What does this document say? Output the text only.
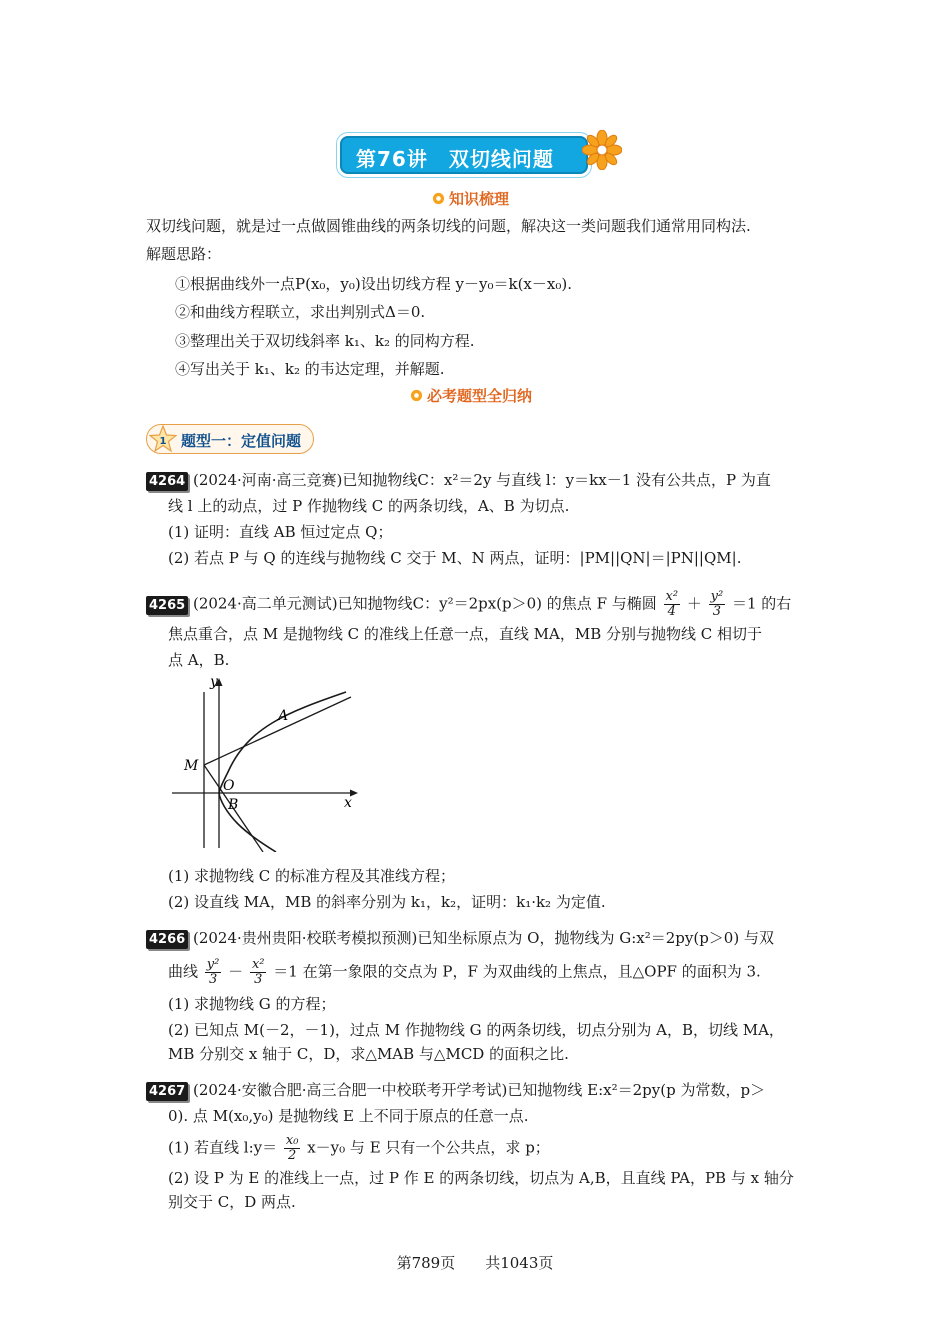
第76讲　双切线问题
知识梳理
双切线问题，就是过一点做圆锥曲线的两条切线的问题，解决这一类问题我们通常用同构法.
解题思路：
①根据曲线外一点P(x₀，y₀)设出切线方程 y－y₀＝k(x－x₀).
②和曲线方程联立，求出判别式Δ＝0.
③整理出关于双切线斜率 k₁、k₂ 的同构方程.
④写出关于 k₁、k₂ 的韦达定理，并解题.
必考题型全归纳
1 题型一：定值问题
4264 (2024·河南·高三竞赛)已知抛物线C：x²＝2y 与直线 l：y＝kx－1 没有公共点，P 为直
线 l 上的动点，过 P 作抛物线 C 的两条切线，A、B 为切点.
(1) 证明：直线 AB 恒过定点 Q；
(2) 若点 P 与 Q 的连线与抛物线 C 交于 M、N 两点，证明：|PM||QN|＝|PN||QM|.
4265 (2024·高二单元测试)已知抛物线C：y²＝2px(p＞0) 的焦点 F 与椭圆 $\frac{\text{x²}}{4} + \frac{\text{y²}}{3} =1$ 的右
焦点重合，点 M 是抛物线 C 的准线上任意一点，直线 MA，MB 分别与抛物线 C 相切于
点 A，B.
y
x
A
M
O
B
(1) 求抛物线 C 的标准方程及其准线方程；
(2) 设直线 MA，MB 的斜率分别为 k₁，k₂，证明：k₁·k₂ 为定值.
4266 (2024·贵州贵阳·校联考模拟预测)已知坐标原点为 O，抛物线为 G:x²＝2py(p＞0) 与双
曲线 $\frac{\text{y²}}{3} - \frac{\text{x²}}{3} =1$ 在第一象限的交点为 P，F 为双曲线的上焦点，且△OPF 的面积为 3.
(1) 求抛物线 G 的方程；
(2) 已知点 M(－2，－1)，过点 M 作抛物线 G 的两条切线，切点分别为 A，B，切线 MA，
MB 分别交 x 轴于 C，D，求△MAB 与△MCD 的面积之比.
4267 (2024·安徽合肥·高三合肥一中校联考开学考试)已知抛物线 E:x²＝2py(p 为常数，p＞
0). 点 M(x₀,y₀) 是抛物线 E 上不同于原点的任意一点.
(1) 若直线 l:y＝ $\frac{\text{x₀}}{2} x-y_0$ 与 E 只有一个公共点，求 p；
(2) 设 P 为 E 的准线上一点，过 P 作 E 的两条切线，切点为 A,B，且直线 PA，PB 与 x 轴分
别交于 C，D 两点.
第789页　　共1043页
